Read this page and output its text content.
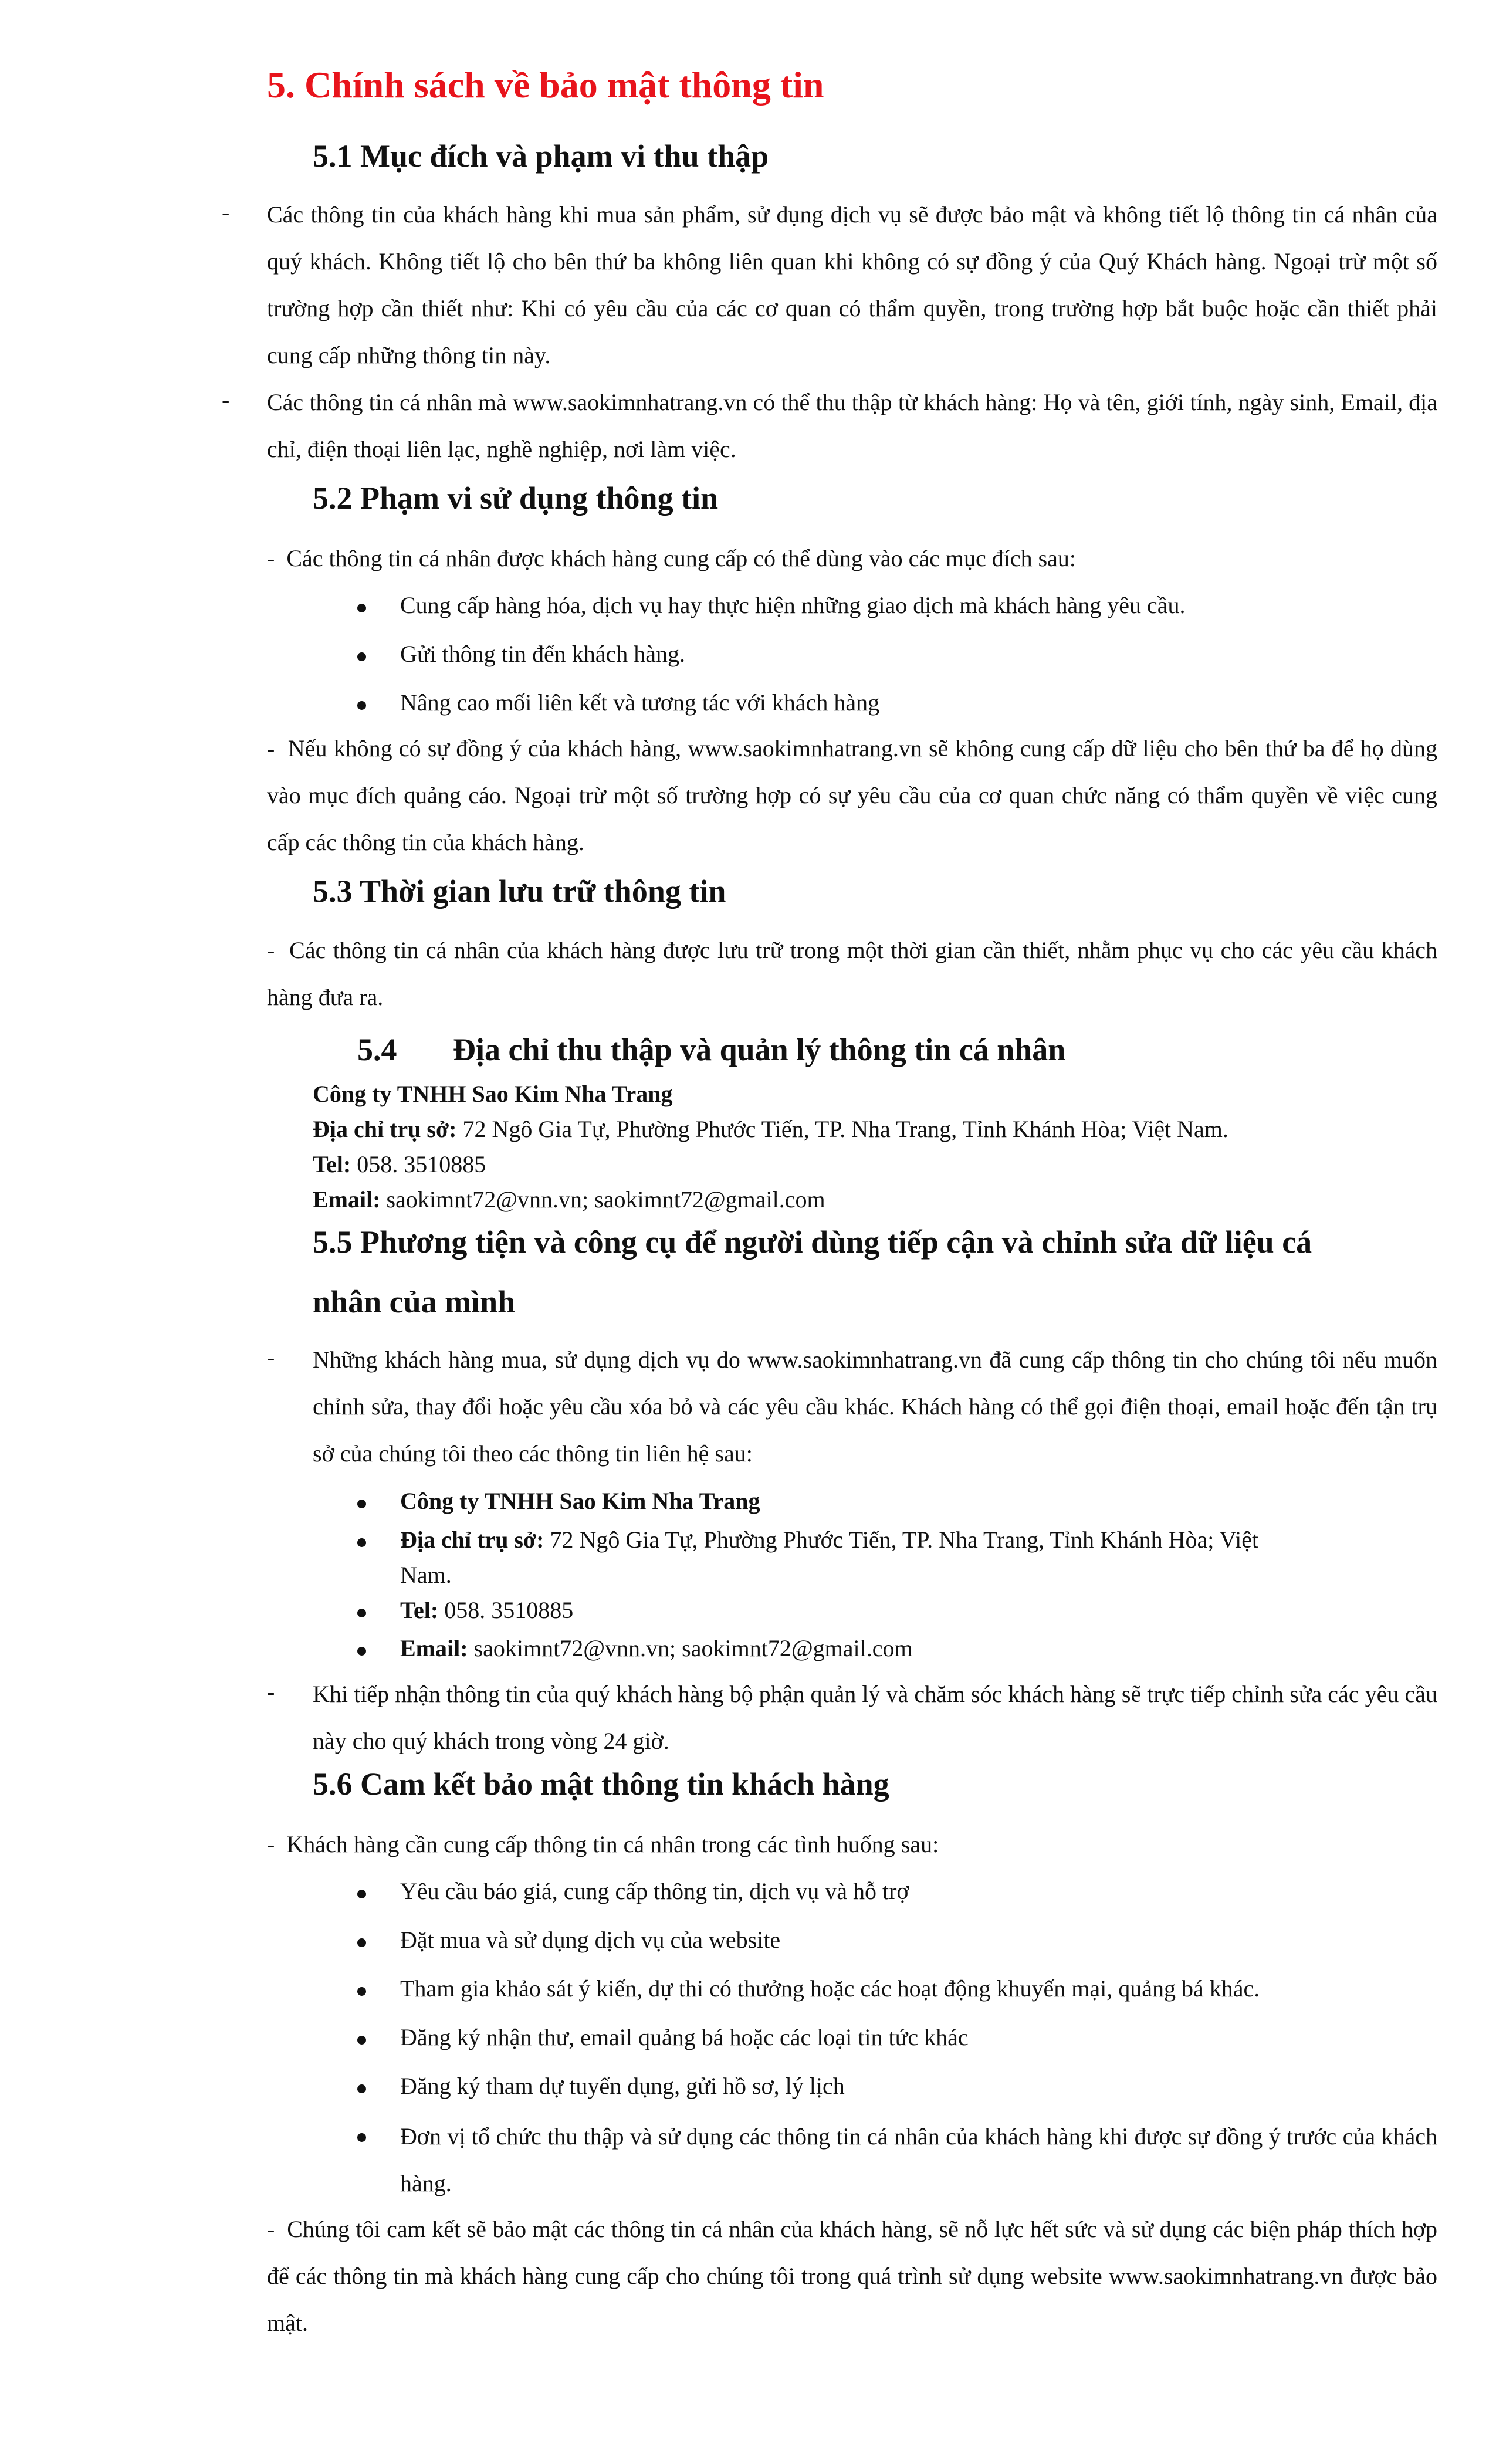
5. Chính sách về bảo mật thông tin
5.1 Mục đích và phạm vi thu thập
- Các thông tin của khách hàng khi mua sản phẩm, sử dụng dịch vụ sẽ được bảo mật và không tiết lộ thông tin cá nhân của quý khách. Không tiết lộ cho bên thứ ba không liên quan khi không có sự đồng ý của Quý Khách hàng. Ngoại trừ một số trường hợp cần thiết như: Khi có yêu cầu của các cơ quan có thẩm quyền, trong trường hợp bắt buộc hoặc cần thiết phải cung cấp những thông tin này.
- Các thông tin cá nhân mà www.saokimnhatrang.vn có thể thu thập từ khách hàng: Họ và tên, giới tính, ngày sinh, Email, địa chỉ, điện thoại liên lạc, nghề nghiệp, nơi làm việc.
5.2 Phạm vi sử dụng thông tin
-  Các thông tin cá nhân được khách hàng cung cấp có thể dùng vào các mục đích sau:
Cung cấp hàng hóa, dịch vụ hay thực hiện những giao dịch mà khách hàng yêu cầu.
Gửi thông tin đến khách hàng.
Nâng cao mối liên kết và tương tác với khách hàng
-  Nếu không có sự đồng ý của khách hàng, www.saokimnhatrang.vn sẽ không cung cấp dữ liệu cho bên thứ ba để họ dùng vào mục đích quảng cáo. Ngoại trừ một số trường hợp có sự yêu cầu của cơ quan chức năng có thẩm quyền về việc cung cấp các thông tin của khách hàng.
5.3 Thời gian lưu trữ thông tin
-  Các thông tin cá nhân của khách hàng được lưu trữ trong một thời gian cần thiết, nhằm phục vụ cho các yêu cầu khách hàng đưa ra.
5.4 Địa chỉ thu thập và quản lý thông tin cá nhân
Công ty TNHH Sao Kim Nha Trang
Địa chỉ trụ sở: 72 Ngô Gia Tự, Phường Phước Tiến, TP. Nha Trang, Tỉnh Khánh Hòa; Việt Nam.
Tel: 058. 3510885
Email: saokimnt72@vnn.vn; saokimnt72@gmail.com
5.5 Phương tiện và công cụ để người dùng tiếp cận và chỉnh sửa dữ liệu cá
nhân của mình
- Những khách hàng mua, sử dụng dịch vụ do www.saokimnhatrang.vn đã cung cấp thông tin cho chúng tôi nếu muốn chỉnh sửa, thay đổi hoặc yêu cầu xóa bỏ và các yêu cầu khác. Khách hàng có thể gọi điện thoại, email hoặc đến tận trụ sở của chúng tôi theo các thông tin liên hệ sau:
Công ty TNHH Sao Kim Nha Trang
Địa chỉ trụ sở: 72 Ngô Gia Tự, Phường Phước Tiến, TP. Nha Trang, Tỉnh Khánh Hòa; Việt
Nam.
Tel: 058. 3510885
Email: saokimnt72@vnn.vn; saokimnt72@gmail.com
- Khi tiếp nhận thông tin của quý khách hàng bộ phận quản lý và chăm sóc khách hàng sẽ trực tiếp chỉnh sửa các yêu cầu này cho quý khách trong vòng 24 giờ.
5.6 Cam kết bảo mật thông tin khách hàng
-  Khách hàng cần cung cấp thông tin cá nhân trong các tình huống sau:
Yêu cầu báo giá, cung cấp thông tin, dịch vụ và hỗ trợ
Đặt mua và sử dụng dịch vụ của website
Tham gia khảo sát ý kiến, dự thi có thưởng hoặc các hoạt động khuyến mại, quảng bá khác.
Đăng ký nhận thư, email quảng bá hoặc các loại tin tức khác
Đăng ký tham dự tuyển dụng, gửi hồ sơ, lý lịch
Đơn vị tổ chức thu thập và sử dụng các thông tin cá nhân của khách hàng khi được sự đồng ý trước của khách hàng.
-  Chúng tôi cam kết sẽ bảo mật các thông tin cá nhân của khách hàng, sẽ nỗ lực hết sức và sử dụng các biện pháp thích hợp để các thông tin mà khách hàng cung cấp cho chúng tôi trong quá trình sử dụng website www.saokimnhatrang.vn được bảo mật.
